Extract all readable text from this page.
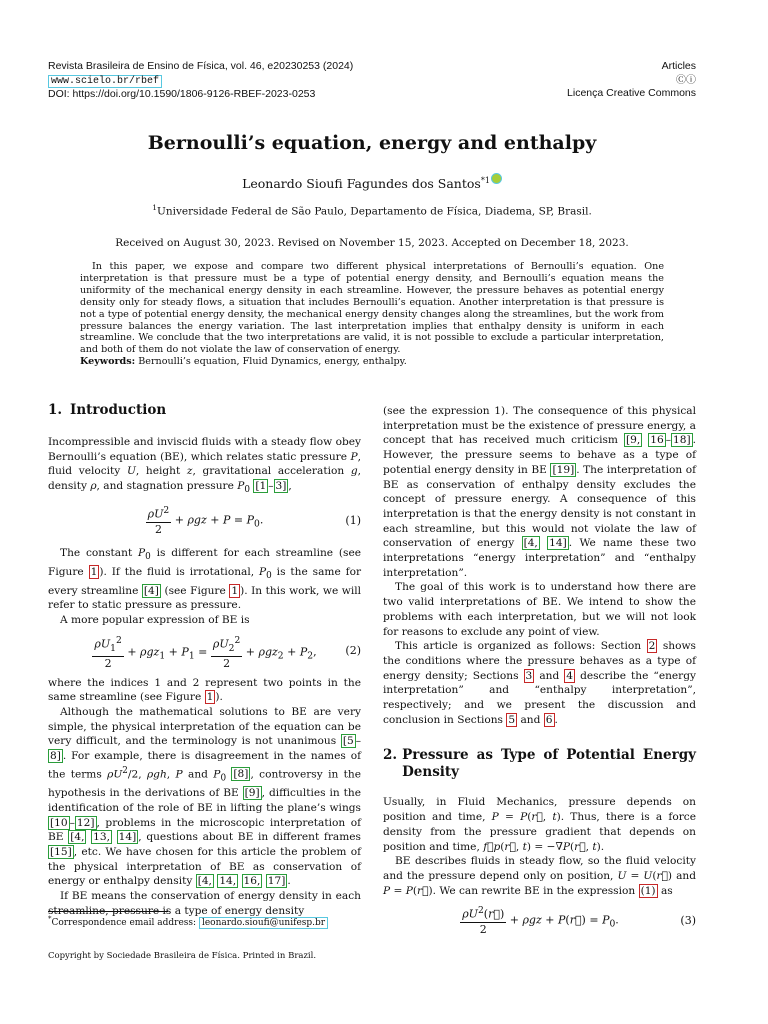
Revista Brasileira de Ensino de Física, vol. 46, e20230253 (2024)
www.scielo.br/rbef
DOI: https://doi.org/10.1590/1806-9126-RBEF-2023-0253
Articles
Ⓒⓘ
Licença Creative Commons
Bernoulli’s equation, energy and enthalpy
Leonardo Sioufi Fagundes dos Santos$^{*1}$
$^1$Universidade Federal de São Paulo, Departamento de Física, Diadema, SP, Brasil.
Received on August 30, 2023. Revised on November 15, 2023. Accepted on December 18, 2023.

In this paper, we expose and compare two different physical interpretations of Bernoulli’s equation. One interpretation is that pressure must be a type of potential energy density, and Bernoulli’s equation means the uniformity of the mechanical energy density in each streamline. However, the pressure behaves as potential energy density only for steady flows, a situation that includes Bernoulli’s equation. Another interpretation is that pressure is not a type of potential energy density, the mechanical energy density changes along the streamlines, but the work from pressure balances the energy variation. The last interpretation implies that enthalpy density is uniform in each streamline. We conclude that the two interpretations are valid, it is not possible to exclude a particular interpretation, and both of them do not violate the law of conservation of energy.

Keywords: Bernoulli’s equation, Fluid Dynamics, energy, enthalpy.

1. Introduction

Incompressible and inviscid fluids with a steady flow obey Bernoulli’s equation (BE), which relates static pressure P, fluid velocity U, height z, gravitational acceleration g, density ρ, and stagnation pressure $P_0$ [1 – 3] ,

$\frac{\rho U^2}{2} + \rho gz + P = P_0$.	(1)

The constant $P_0$ is different for each streamline (see Figure 1 ). If the fluid is irrotational, $P_0$ is the same for every streamline [4] (see Figure 1 ). In this work, we will refer to static pressure as pressure.

A more popular expression of BE is

$\frac{\rho U_1^2}{2} + \rho gz_1 + P_1 = \frac{\rho U_2^2}{2} + \rho gz_2 + P_2$,	(2)

where the indices 1 and 2 represent two points in the same streamline (see Figure 1 ).

Although the mathematical solutions to BE are very simple, the physical interpretation of the equation can be very difficult, and the terminology is not unanimous [5 –8] . For example, there is disagreement in the names of the terms $\rho U^2/2$, ρgh, P and $P_0$ [8] , controversy in the hypothesis in the derivations of BE [9] , difficulties in the identification of the role of BE in lifting the plane’s wings [10 – 12] , problems in the microscopic interpretation of BE [4, 13, 14] , questions about BE in different frames [15] , etc. We have chosen for this article the problem of the physical interpretation of BE as conservation of energy or enthalpy density [4, 14, 16, 17] .

If BE means the conservation of energy density in each streamline, pressure is a type of energy density

(see the expression 1). The consequence of this physical interpretation must be the existence of pressure energy, a concept that has received much criticism [9, 16 – 18] . However, the pressure seems to behave as a type of potential energy density in BE [19] . The interpretation of BE as conservation of enthalpy density excludes the concept of pressure energy. A consequence of this interpretation is that the energy density is not constant in each streamline, but this would not violate the law of conservation of energy [4, 14] . We name these two interpretations “energy interpretation” and “enthalpy interpretation”.

The goal of this work is to understand how there are two valid interpretations of BE. We intend to show the problems with each interpretation, but we will not look for reasons to exclude any point of view.

This article is organized as follows: Section 2 shows the conditions where the pressure behaves as a type of energy density; Sections 3 and 4 describe the “energy interpretation” and “enthalpy interpretation”, respectively; and we present the discussion and conclusion in Sections 5 and 6 .

2. Pressure as Type of Potential Energy Density

Usually, in Fluid Mechanics, pressure depends on position and time, P = P(r⃗, t). Thus, there is a force density from the pressure gradient that depends on position and time, f⃗p(r⃗, t) = −∇P(r⃗, t).

BE describes fluids in steady flow, so the fluid velocity and the pressure depend only on position, U = U(r⃗) and P = P(r⃗). We can rewrite BE in the expression (1) as

$\frac{\rho U^2(r⃗)}{2} + \rho gz$ + P(r⃗) = $P_0$.	(3)
*Correspondence email address: leonardo.sioufi@unifesp.br
Copyright by Sociedade Brasileira de Física. Printed in Brazil.
